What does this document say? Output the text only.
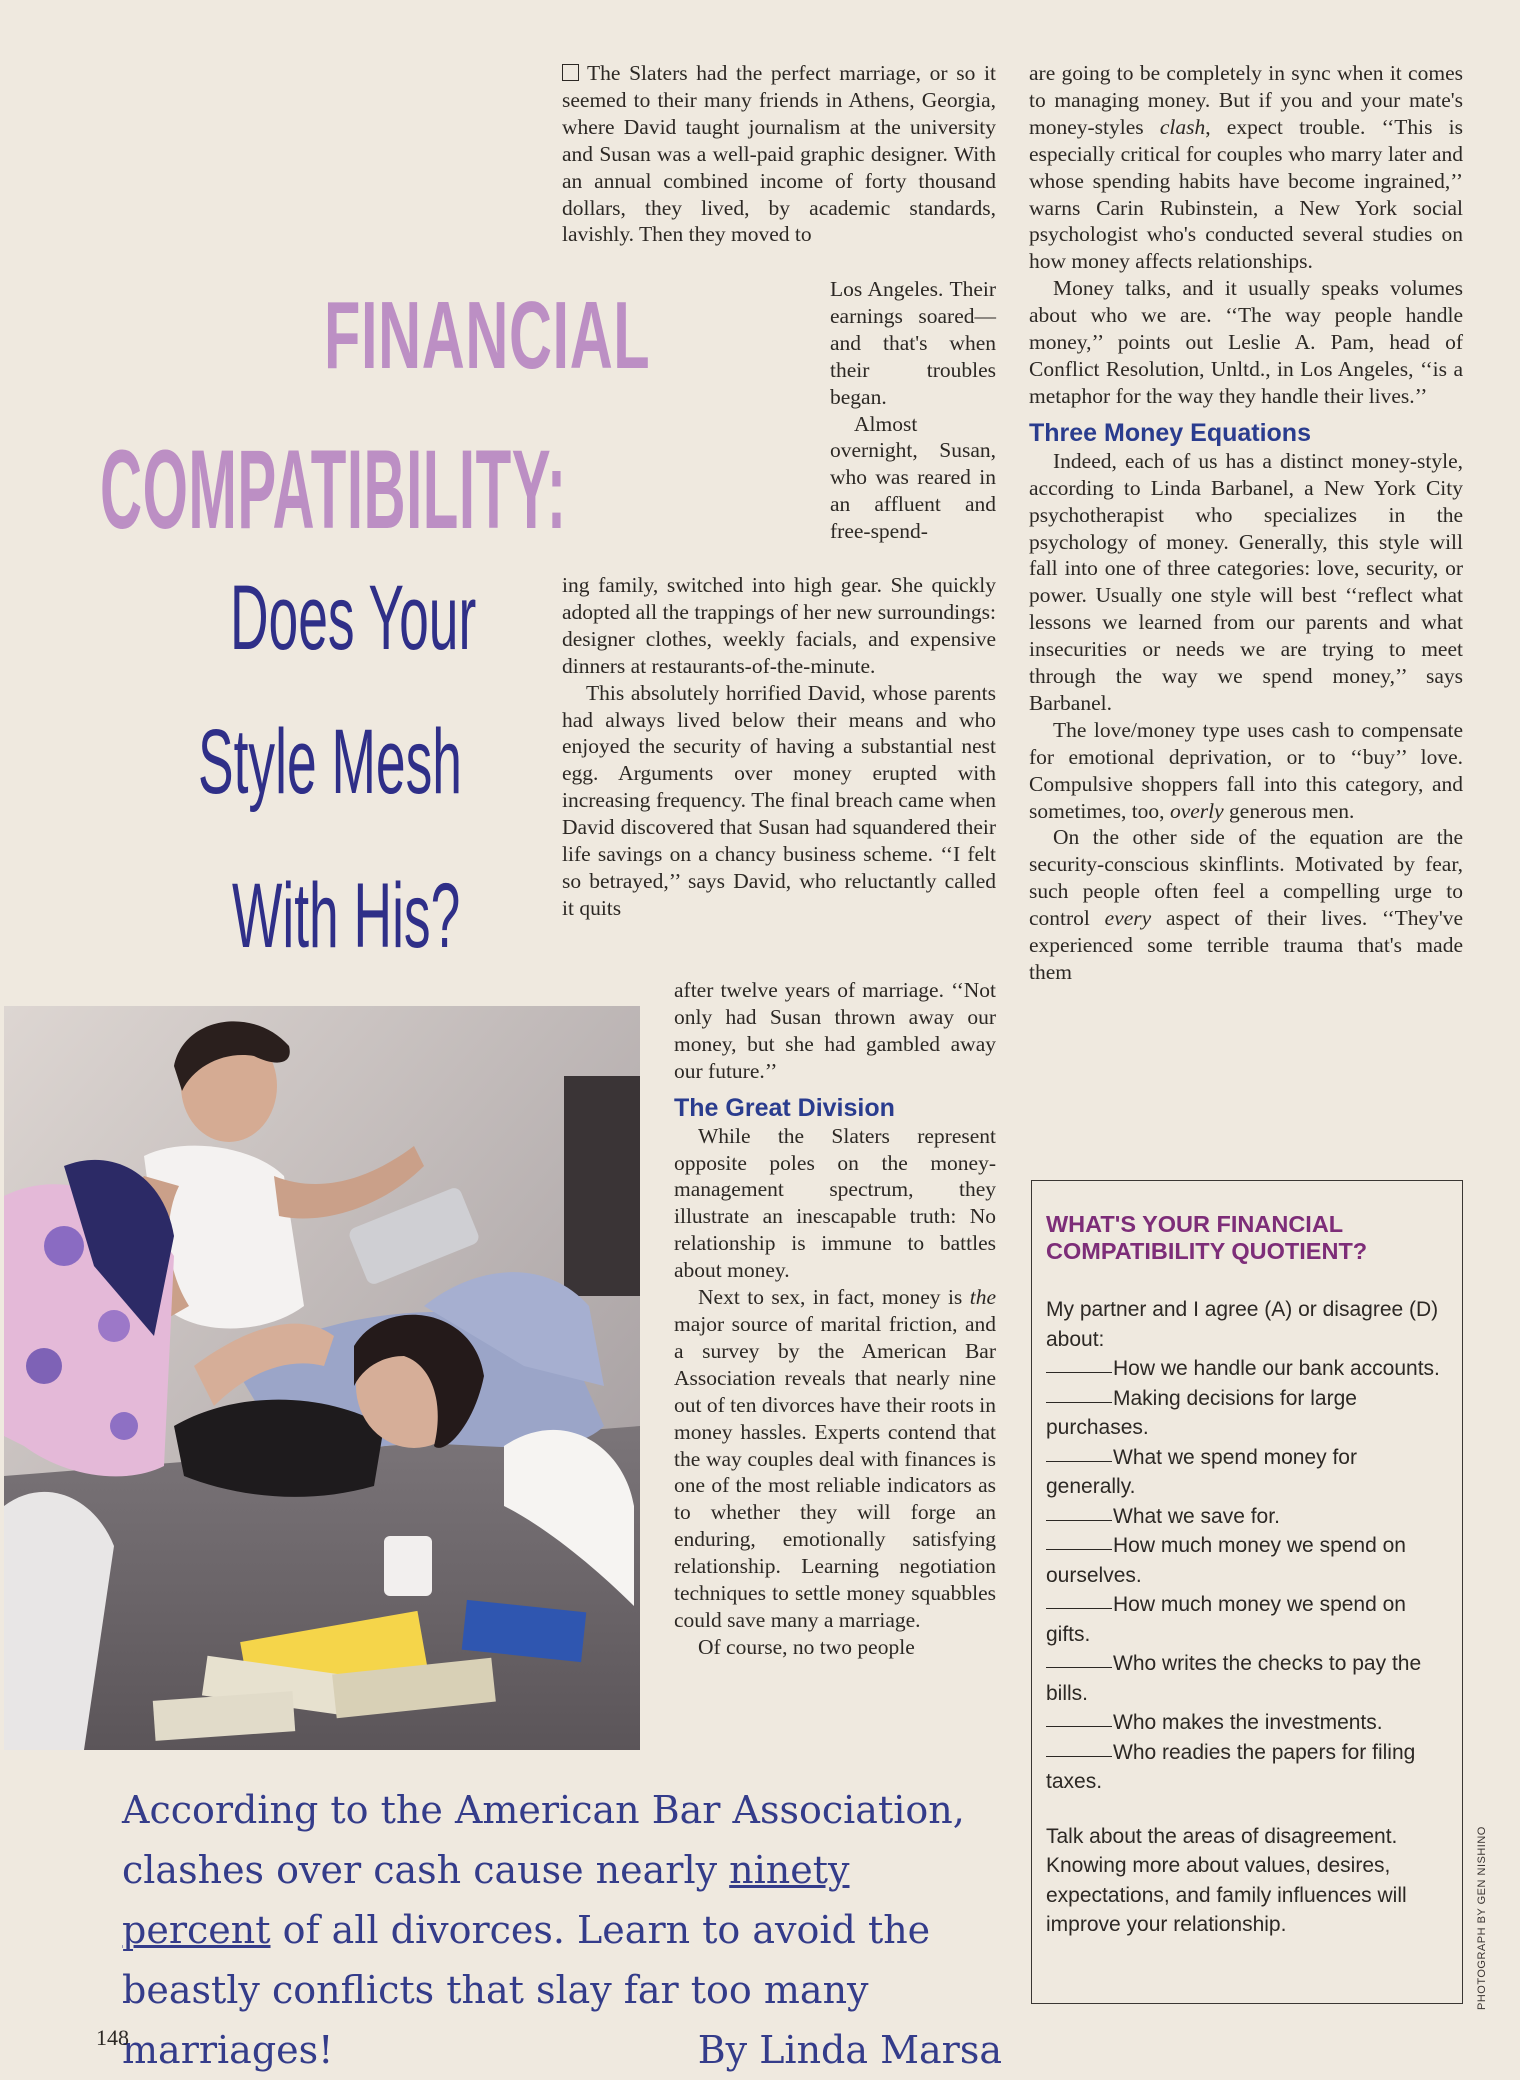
FINANCIAL
COMPATIBILITY:
Does Your
Style Mesh
With His?

The Slaters had the perfect marriage, or so it seemed to their many friends in Athens, Georgia, where David taught journalism at the university and Susan was a well-paid graphic designer. With an annual combined income of forty thousand dollars, they lived, by academic standards, lavishly. Then they moved to

Los Angeles. Their earnings soared—and that's when their troubles began.

Almost overnight, Susan, who was reared in an affluent and free-spend-

ing family, switched into high gear. She quickly adopted all the trappings of her new surroundings: designer clothes, weekly facials, and expensive dinners at restaurants-of-the-minute.

This absolutely horrified David, whose parents had always lived below their means and who enjoyed the security of having a substantial nest egg. Arguments over money erupted with increasing frequency. The final breach came when David discovered that Susan had squandered their life savings on a chancy business scheme. ‘‘I felt so betrayed,’’ says David, who reluctantly called it quits

after twelve years of marriage. ‘‘Not only had Susan thrown away our money, but she had gambled away our future.’’

The Great Division

While the Slaters represent opposite poles on the money-management spectrum, they illustrate an inescapable truth: No relationship is immune to battles about money.

Next to sex, in fact, money is the major source of marital friction, and a survey by the American Bar Association reveals that nearly nine out of ten divorces have their roots in money hassles. Experts contend that the way couples deal with finances is one of the most reliable indicators as to whether they will forge an enduring, emotionally satisfying relationship. Learning negotiation techniques to settle money squabbles could save many a marriage.

Of course, no two people

are going to be completely in sync when it comes to managing money. But if you and your mate's money-styles clash, expect trouble. ‘‘This is especially critical for couples who marry later and whose spending habits have become ingrained,’’ warns Carin Rubinstein, a New York social psychologist who's conducted several studies on how money affects relationships.

Money talks, and it usually speaks volumes about who we are. ‘‘The way people handle money,’’ points out Leslie A. Pam, head of Conflict Resolution, Unltd., in Los Angeles, ‘‘is a metaphor for the way they handle their lives.’’

Three Money Equations

Indeed, each of us has a distinct money-style, according to Linda Barbanel, a New York City psychotherapist who specializes in the psychology of money. Generally, this style will fall into one of three categories: love, security, or power. Usually one style will best ‘‘reflect what lessons we learned from our parents and what insecurities or needs we are trying to meet through the way we spend money,’’ says Barbanel.

The love/money type uses cash to compensate for emotional deprivation, or to ‘‘buy’’ love. Compulsive shoppers fall into this category, and sometimes, too, overly generous men.

On the other side of the equation are the security-conscious skinflints. Motivated by fear, such people often feel a compelling urge to control every aspect of their lives. ‘‘They've experienced some terrible trauma that's made them

WHAT'S YOUR FINANCIAL COMPATIBILITY QUOTIENT?
My partner and I agree (A) or disagree (D) about:
How we handle our bank accounts.
Making decisions for large purchases.
What we spend money for generally.
What we save for.
How much money we spend on ourselves.
How much money we spend on gifts.
Who writes the checks to pay the bills.
Who makes the investments.
Who readies the papers for filing taxes.
Talk about the areas of disagreement. Knowing more about values, desires, expectations, and family influences will improve your relationship.
According to the American Bar Association, clashes over cash cause nearly ninety percent of all divorces. Learn to avoid the beastly conflicts that slay far too many marriages!	By Linda Marsa
148
PHOTOGRAPH BY GEN NISHINO
